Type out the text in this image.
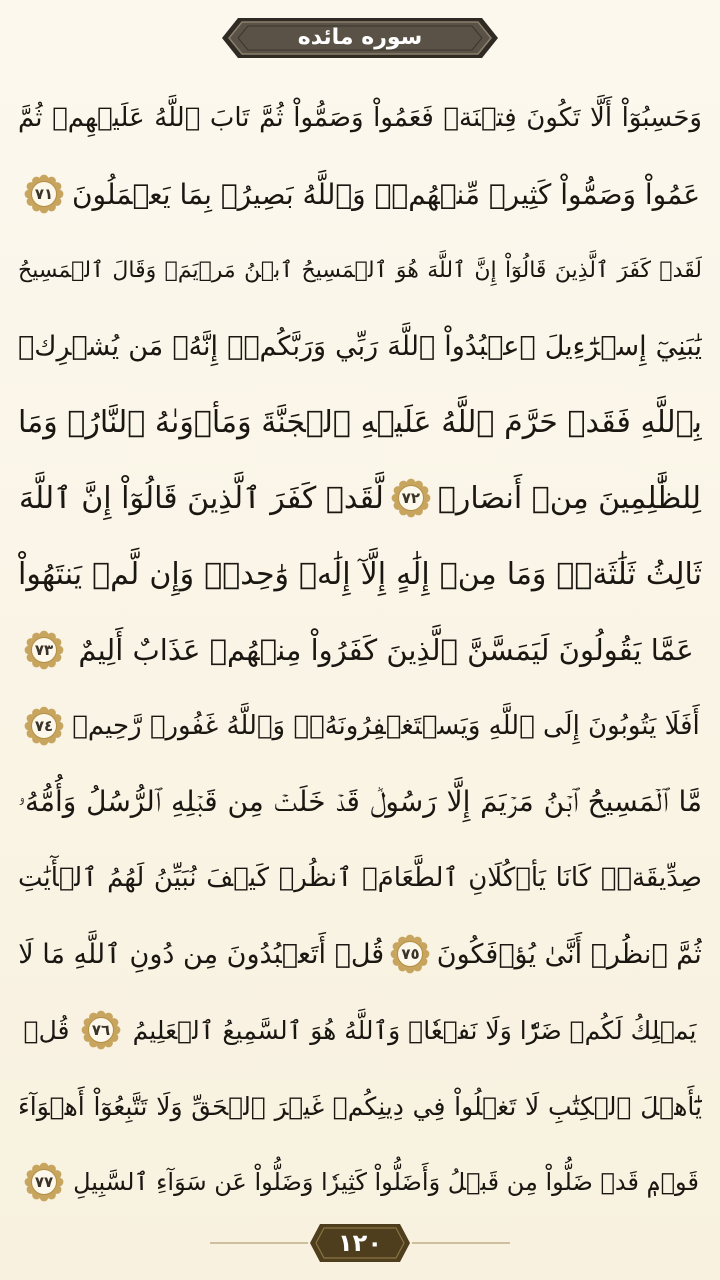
سوره مائده
وَحَسِبُوٓاْ أَلَّا تَكُونَ فِتۡنَةٞ فَعَمُواْ وَصَمُّواْ ثُمَّ تَابَ ٱللَّهُ عَلَيۡهِمۡ ثُمَّ
عَمُواْ وَصَمُّواْ كَثِيرٞ مِّنۡهُمۡۚ وَٱللَّهُ بَصِيرُۢ بِمَا يَعۡمَلُونَ
٧١
لَقَدۡ كَفَرَ ٱلَّذِينَ قَالُوٓاْ إِنَّ ٱللَّهَ هُوَ ٱلۡمَسِيحُ ٱبۡنُ مَرۡيَمَۖ وَقَالَ ٱلۡمَسِيحُ
يَٰبَنِيٓ إِسۡرَٰٓءِيلَ ٱعۡبُدُواْ ٱللَّهَ رَبِّي وَرَبَّكُمۡۖ إِنَّهُۥ مَن يُشۡرِكۡ
بِٱللَّهِ فَقَدۡ حَرَّمَ ٱللَّهُ عَلَيۡهِ ٱلۡجَنَّةَ وَمَأۡوَىٰهُ ٱلنَّارُۖ وَمَا
لِلظَّٰلِمِينَ مِنۡ أَنصَارٖ
٧٢
لَّقَدۡ كَفَرَ ٱلَّذِينَ قَالُوٓاْ إِنَّ ٱللَّهَ
ثَالِثُ ثَلَٰثَةٖۘ وَمَا مِنۡ إِلَٰهٍ إِلَّآ إِلَٰهٞ وَٰحِدٞۚ وَإِن لَّمۡ يَنتَهُواْ
عَمَّا يَقُولُونَ لَيَمَسَّنَّ ٱلَّذِينَ كَفَرُواْ مِنۡهُمۡ عَذَابٌ أَلِيمٌ
٧٣
أَفَلَا يَتُوبُونَ إِلَى ٱللَّهِ وَيَسۡتَغۡفِرُونَهُۥۚ وَٱللَّهُ غَفُورٞ رَّحِيمٞ
٧٤
مَّا ٱلۡمَسِيحُ ٱبۡنُ مَرۡيَمَ إِلَّا رَسُولٞ قَدۡ خَلَتۡ مِن قَبۡلِهِ ٱلرُّسُلُ وَأُمُّهُۥ
صِدِّيقَةٞۖ كَانَا يَأۡكُلَانِ ٱلطَّعَامَۗ ٱنظُرۡ كَيۡفَ نُبَيِّنُ لَهُمُ ٱلۡأٓيَٰتِ
ثُمَّ ٱنظُرۡ أَنَّىٰ يُؤۡفَكُونَ
٧٥
قُلۡ أَتَعۡبُدُونَ مِن دُونِ ٱللَّهِ مَا لَا
يَمۡلِكُ لَكُمۡ ضَرّٗا وَلَا نَفۡعٗاۚ وَٱللَّهُ هُوَ ٱلسَّمِيعُ ٱلۡعَلِيمُ
٧٦
قُلۡ
يَٰٓأَهۡلَ ٱلۡكِتَٰبِ لَا تَغۡلُواْ فِي دِينِكُمۡ غَيۡرَ ٱلۡحَقِّ وَلَا تَتَّبِعُوٓاْ أَهۡوَآءَ
قَوۡمٖ قَدۡ ضَلُّواْ مِن قَبۡلُ وَأَضَلُّواْ كَثِيرٗا وَضَلُّواْ عَن سَوَآءِ ٱلسَّبِيلِ
٧٧
١٢٠
